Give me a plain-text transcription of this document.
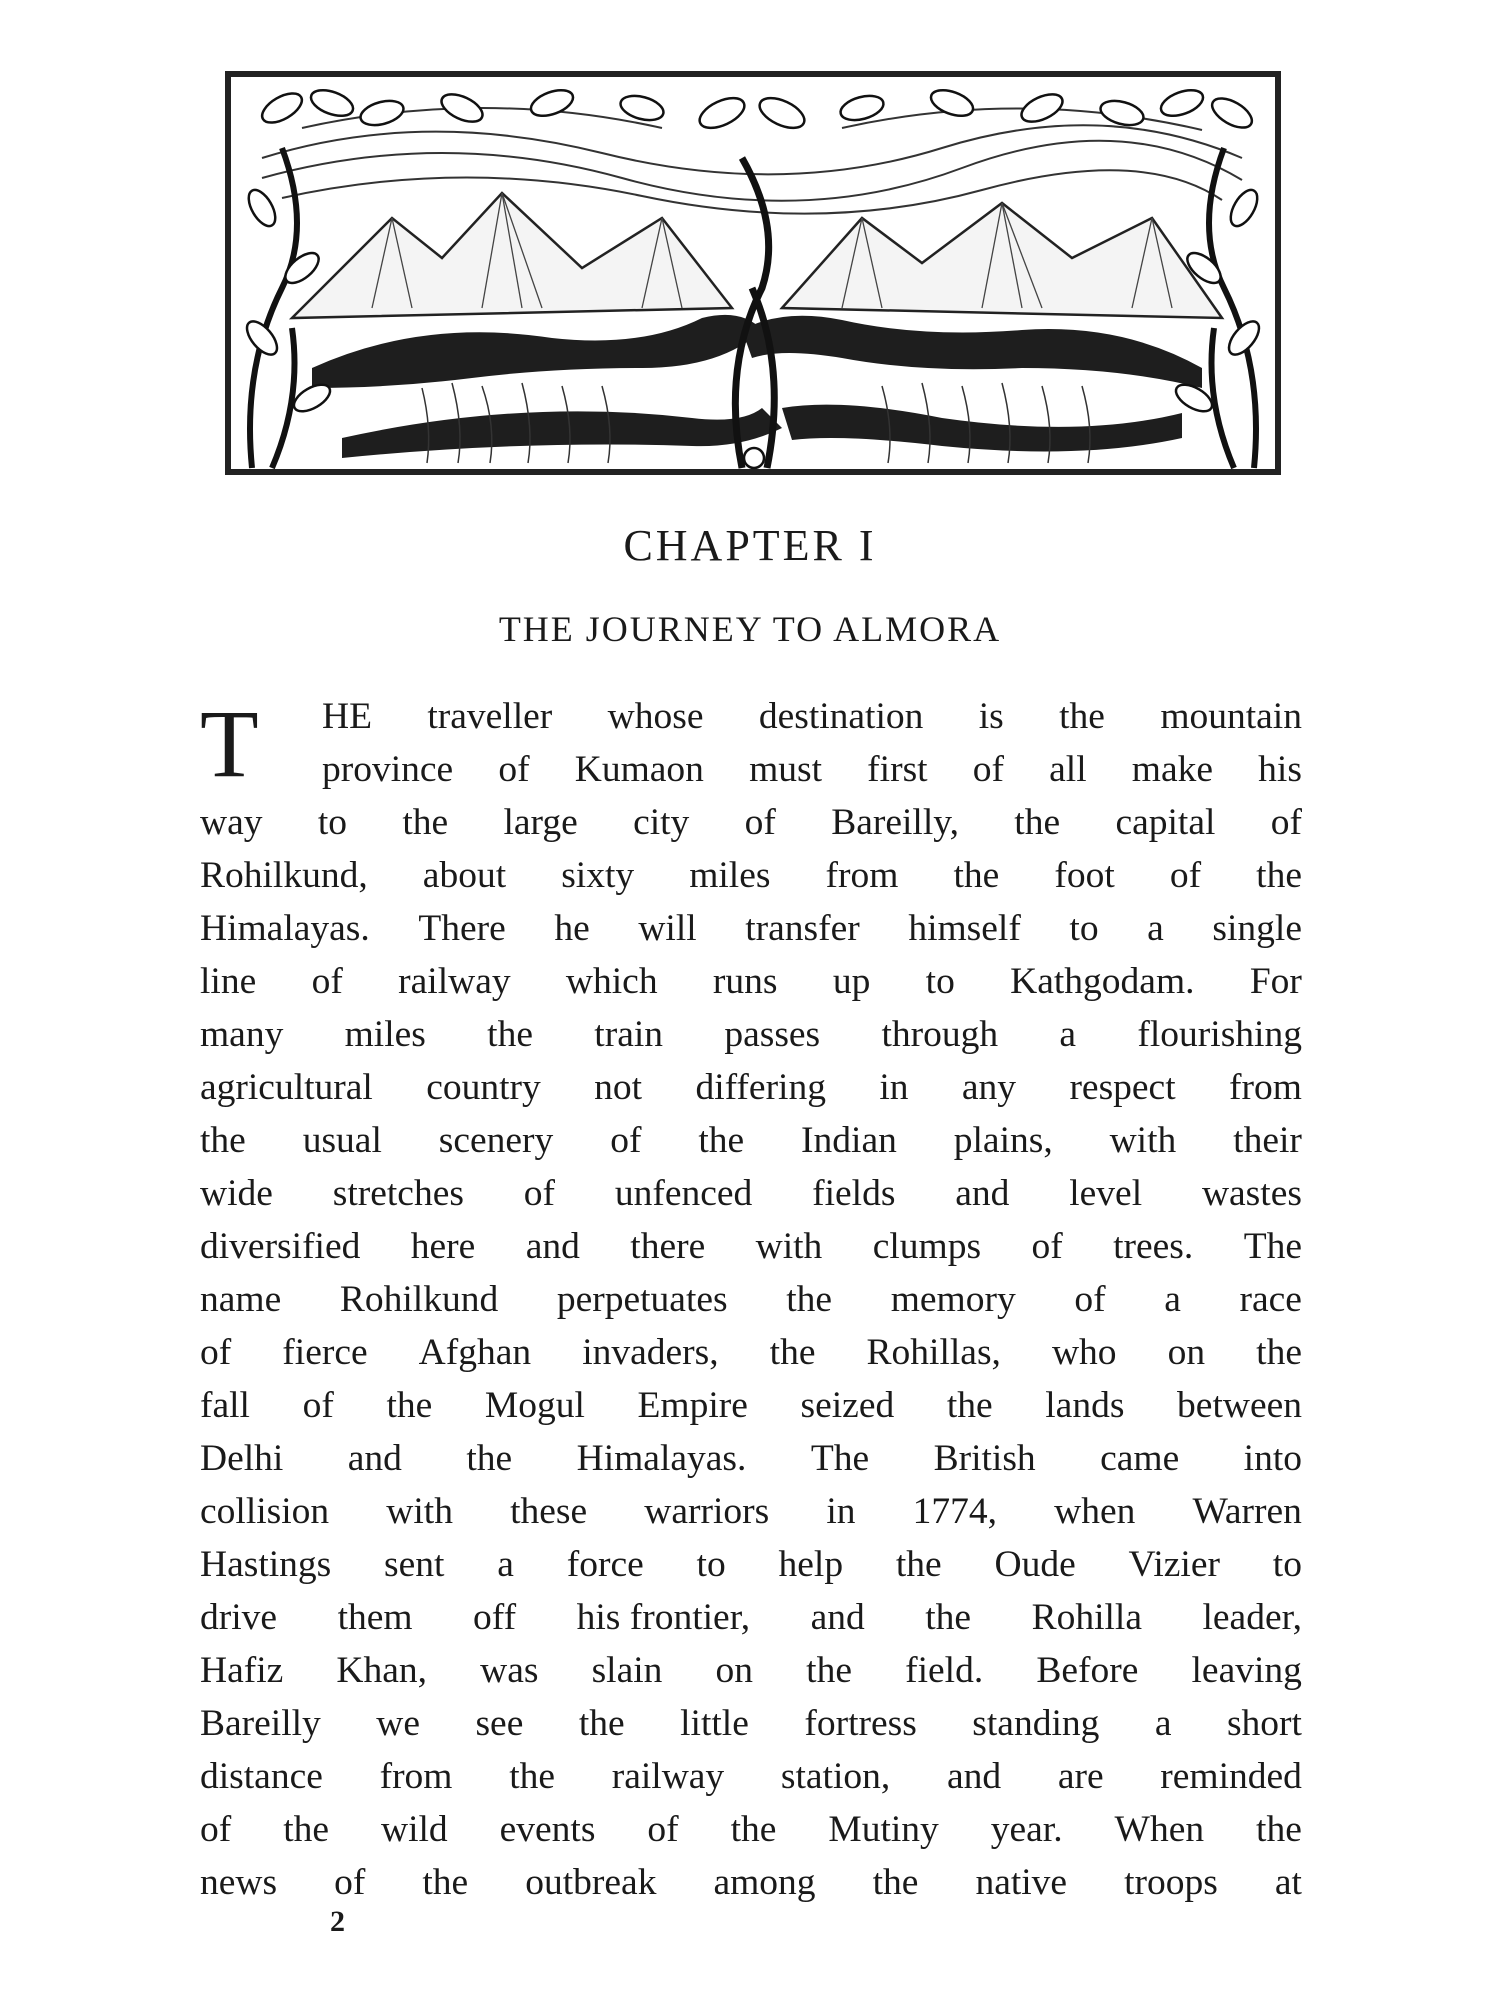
CHAPTER I
THE JOURNEY TO ALMORA
T HE traveller whose destination is the mountain
province of Kumaon must first of all make his
way to the large city of Bareilly, the capital of
Rohilkund, about sixty miles from the foot of the
Himalayas. There he will transfer himself to a single
line of railway which runs up to Kathgodam. For
many miles the train passes through a flourishing
agricultural country not differing in any respect from
the usual scenery of the Indian plains, with their
wide stretches of unfenced fields and level wastes
diversified here and there with clumps of trees. The
name Rohilkund perpetuates the memory of a race
of fierce Afghan invaders, the Rohillas, who on the
fall of the Mogul Empire seized the lands between
Delhi and the Himalayas. The British came into
collision with these warriors in 1774, when Warren
Hastings sent a force to help the Oude Vizier to
drive them off his frontier, and the Rohilla leader,
Hafiz Khan, was slain on the field. Before leaving
Bareilly we see the little fortress standing a short
distance from the railway station, and are reminded
of the wild events of the Mutiny year. When the
news of the outbreak among the native troops at
2
